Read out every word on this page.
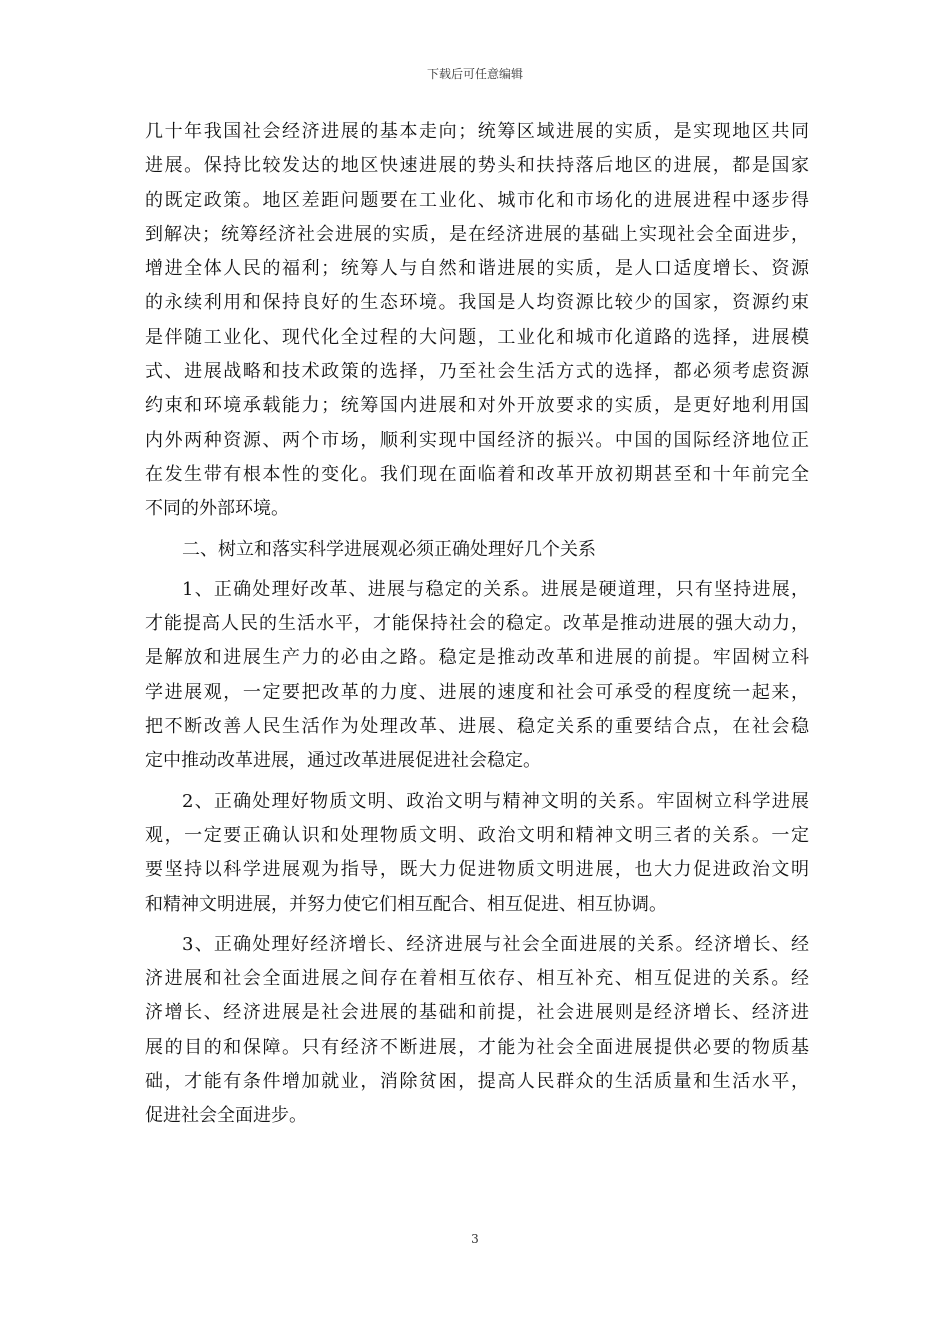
下载后可任意编辑
几十年我国社会经济进展的基本走向；统筹区域进展的实质，是实现地区共同
进展。保持比较发达的地区快速进展的势头和扶持落后地区的进展，都是国家
的既定政策。地区差距问题要在工业化、城市化和市场化的进展进程中逐步得
到解决；统筹经济社会进展的实质，是在经济进展的基础上实现社会全面进步，
增进全体人民的福利；统筹人与自然和谐进展的实质，是人口适度增长、资源
的永续利用和保持良好的生态环境。我国是人均资源比较少的国家，资源约束
是伴随工业化、现代化全过程的大问题，工业化和城市化道路的选择，进展模
式、进展战略和技术政策的选择，乃至社会生活方式的选择，都必须考虑资源
约束和环境承载能力；统筹国内进展和对外开放要求的实质，是更好地利用国
内外两种资源、两个市场，顺利实现中国经济的振兴。中国的国际经济地位正
在发生带有根本性的变化。我们现在面临着和改革开放初期甚至和十年前完全
不同的外部环境。
二、树立和落实科学进展观必须正确处理好几个关系
1、正确处理好改革、进展与稳定的关系。进展是硬道理，只有坚持进展，
才能提高人民的生活水平，才能保持社会的稳定。改革是推动进展的强大动力，
是解放和进展生产力的必由之路。稳定是推动改革和进展的前提。牢固树立科
学进展观，一定要把改革的力度、进展的速度和社会可承受的程度统一起来，
把不断改善人民生活作为处理改革、进展、稳定关系的重要结合点，在社会稳
定中推动改革进展，通过改革进展促进社会稳定。
2、正确处理好物质文明、政治文明与精神文明的关系。牢固树立科学进展
观，一定要正确认识和处理物质文明、政治文明和精神文明三者的关系。一定
要坚持以科学进展观为指导，既大力促进物质文明进展，也大力促进政治文明
和精神文明进展，并努力使它们相互配合、相互促进、相互协调。
3、正确处理好经济增长、经济进展与社会全面进展的关系。经济增长、经
济进展和社会全面进展之间存在着相互依存、相互补充、相互促进的关系。经
济增长、经济进展是社会进展的基础和前提，社会进展则是经济增长、经济进
展的目的和保障。只有经济不断进展，才能为社会全面进展提供必要的物质基
础，才能有条件增加就业，消除贫困，提高人民群众的生活质量和生活水平，
促进社会全面进步。
3
